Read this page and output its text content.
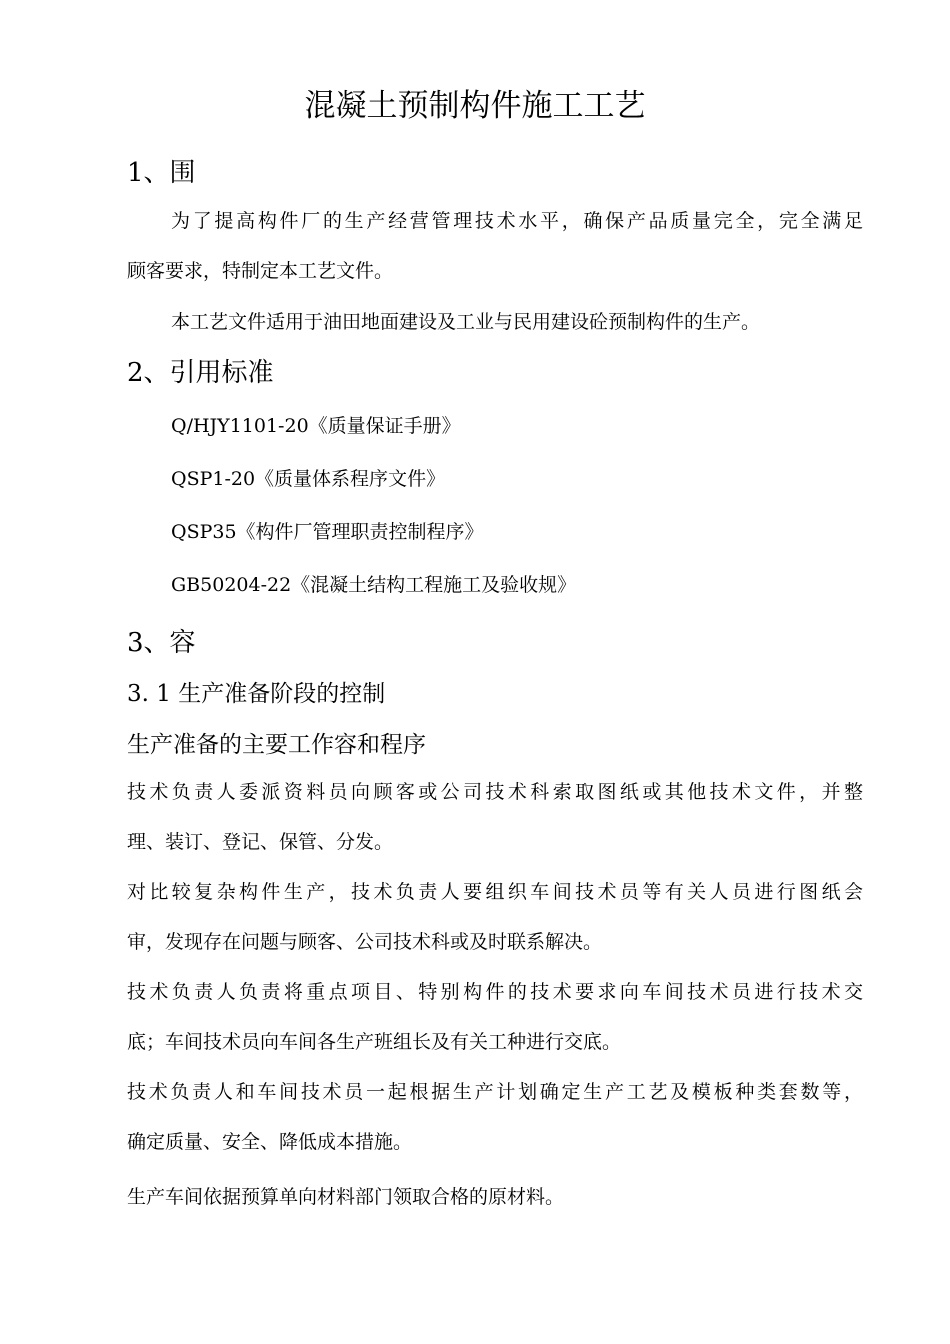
混凝土预制构件施工工艺
1、围
为了提高构件厂的生产经营管理技术水平，确保产品质量完全，完全满足
顾客要求，特制定本工艺文件。
本工艺文件适用于油田地面建设及工业与民用建设砼预制构件的生产。
2、引用标准
Q/HJY1101-20《质量保证手册》
QSP1-20《质量体系程序文件》
QSP35《构件厂管理职责控制程序》
GB50204-22《混凝土结构工程施工及验收规》
3、容
3. 1 生产准备阶段的控制
生产准备的主要工作容和程序
技术负责人委派资料员向顾客或公司技术科索取图纸或其他技术文件，并整
理、装订、登记、保管、分发。
对比较复杂构件生产，技术负责人要组织车间技术员等有关人员进行图纸会
审，发现存在问题与顾客、公司技术科或及时联系解决。
技术负责人负责将重点项目、特别构件的技术要求向车间技术员进行技术交
底；车间技术员向车间各生产班组长及有关工种进行交底。
技术负责人和车间技术员一起根据生产计划确定生产工艺及模板种类套数等，
确定质量、安全、降低成本措施。
生产车间依据预算单向材料部门领取合格的原材料。
